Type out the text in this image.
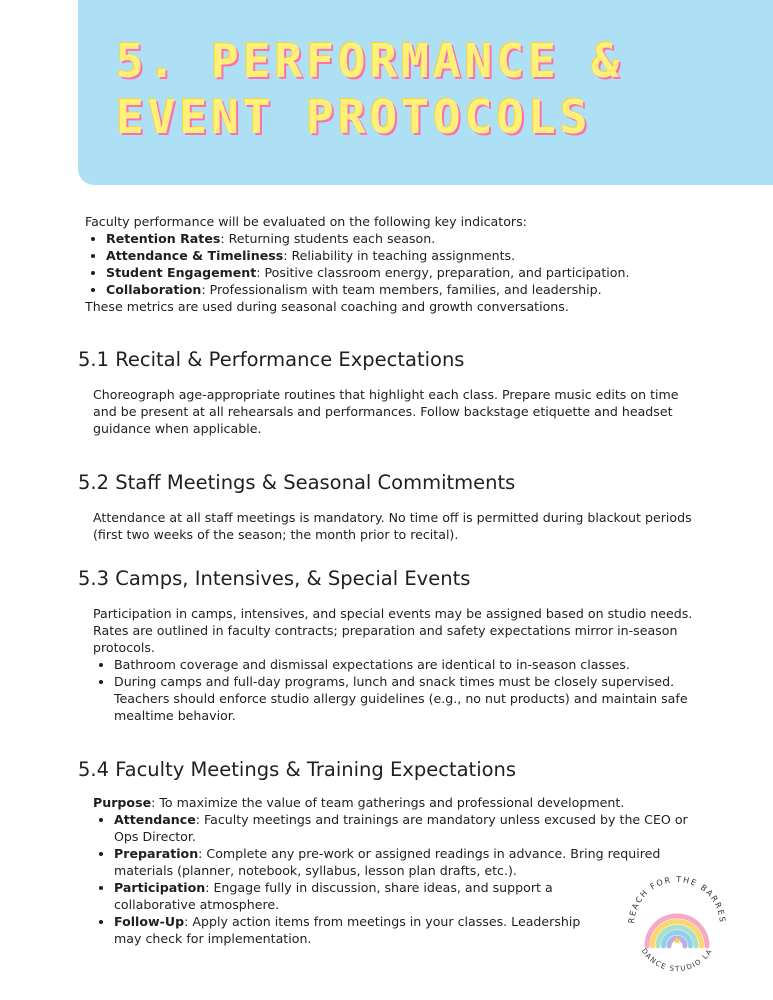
5. PERFORMANCE & EVENT PROTOCOLS

Faculty performance will be evaluated on the following key indicators:

• Retention Rates: Returning students each season.
• Attendance & Timeliness: Reliability in teaching assignments.
• Student Engagement: Positive classroom energy, preparation, and participation.
• Collaboration: Professionalism with team members, families, and leadership.

These metrics are used during seasonal coaching and growth conversations.

5.1 Recital & Performance Expectations

Choreograph age-appropriate routines that highlight each class. Prepare music edits on time and be present at all rehearsals and performances. Follow backstage etiquette and headset guidance when applicable.

5.2 Staff Meetings & Seasonal Commitments

Attendance at all staff meetings is mandatory. No time off is permitted during blackout periods (first two weeks of the season; the month prior to recital).

5.3 Camps, Intensives, & Special Events

Participation in camps, intensives, and special events may be assigned based on studio needs. Rates are outlined in faculty contracts; preparation and safety expectations mirror in-season protocols.

• Bathroom coverage and dismissal expectations are identical to in-season classes.
• During camps and full-day programs, lunch and snack times must be closely supervised. Teachers should enforce studio allergy guidelines (e.g., no nut products) and maintain safe mealtime behavior.
5.4 Faculty Meetings & Training Expectations

Purpose: To maximize the value of team gatherings and professional development.

• Attendance: Faculty meetings and trainings are mandatory unless excused by the CEO or Ops Director.
• Preparation: Complete any pre-work or assigned readings in advance. Bring required materials (planner, notebook, syllabus, lesson plan drafts, etc.).
• Participation: Engage fully in discussion, share ideas, and support a collaborative atmosphere.
• Follow-Up: Apply action items from meetings in your classes. Leadership may check for implementation.
REACH FOR THE BARRES
DANCE STUDIO LA
★
